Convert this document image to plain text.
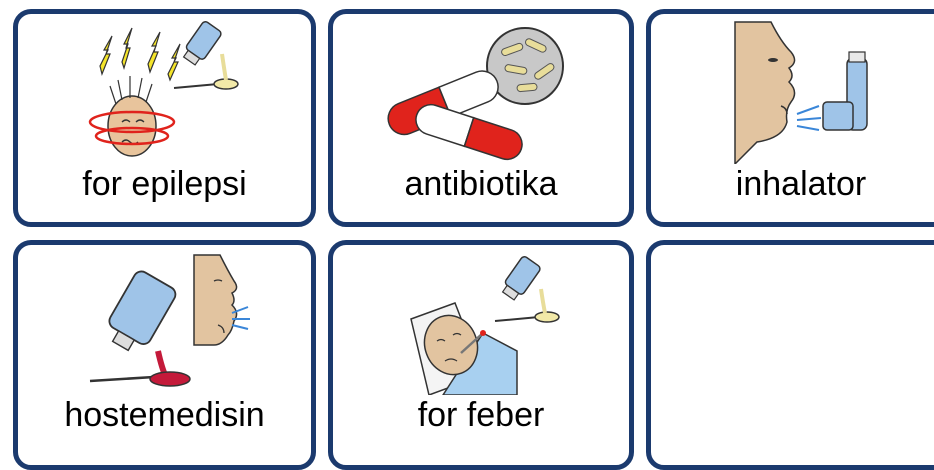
for epilepsi	antibiotika	inhalator
hostemedisin	for feber
